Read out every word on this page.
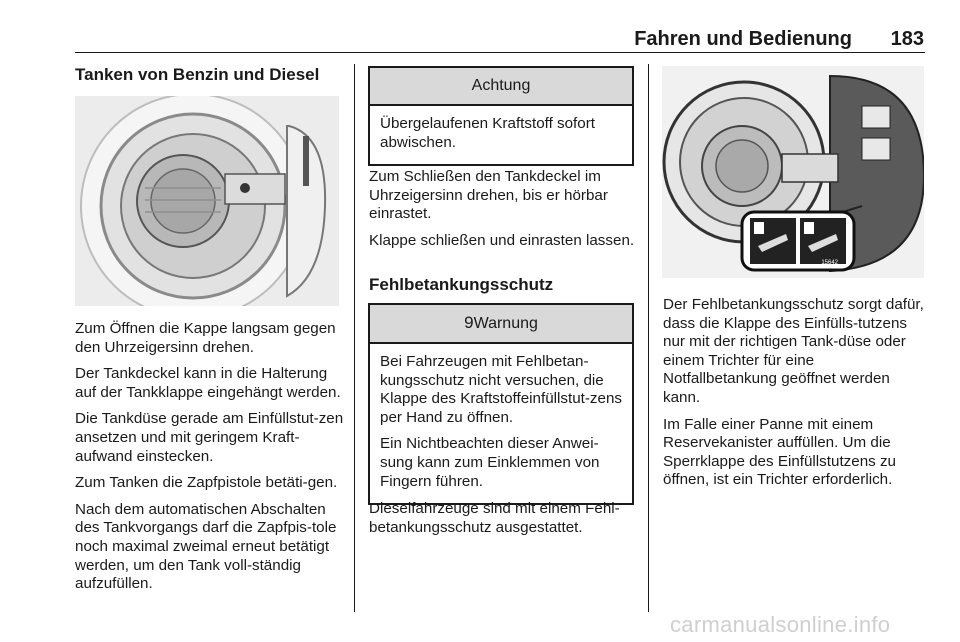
Fahren und Bedienung	183
Tanken von Benzin und Diesel

Zum Öffnen die Kappe langsam gegen den Uhrzeigersinn drehen.

Der Tankdeckel kann in die Halterung auf der Tankklappe eingehängt werden.

Die Tankdüse gerade am Einfüllstut-zen ansetzen und mit geringem Kraft-aufwand einstecken.

Zum Tanken die Zapfpistole betäti-gen.

Nach dem automatischen Abschalten des Tankvorgangs darf die Zapfpis-tole noch maximal zweimal erneut betätigt werden, um den Tank voll-ständig aufzufüllen.

Achtung

Übergelaufenen Kraftstoff sofort abwischen.

Zum Schließen den Tankdeckel im Uhrzeigersinn drehen, bis er hörbar einrastet.

Klappe schließen und einrasten lassen.

Fehlbetankungsschutz
9Warnung

Bei Fahrzeugen mit Fehlbetan-kungsschutz nicht versuchen, die Klappe des Kraftstoffeinfüllstut-zens per Hand zu öffnen.

Ein Nichtbeachten dieser Anwei-sung kann zum Einklemmen von Fingern führen.

Dieselfahrzeuge sind mit einem Fehl-betankungsschutz ausgestattet.

15642

Der Fehlbetankungsschutz sorgt dafür, dass die Klappe des Einfülls-tutzens nur mit der richtigen Tank-düse oder einem Trichter für eine Notfallbetankung geöffnet werden kann.

Im Falle einer Panne mit einem Reservekanister auffüllen. Um die Sperrklappe des Einfüllstutzens zu öffnen, ist ein Trichter erforderlich.

carmanualsonline.info
